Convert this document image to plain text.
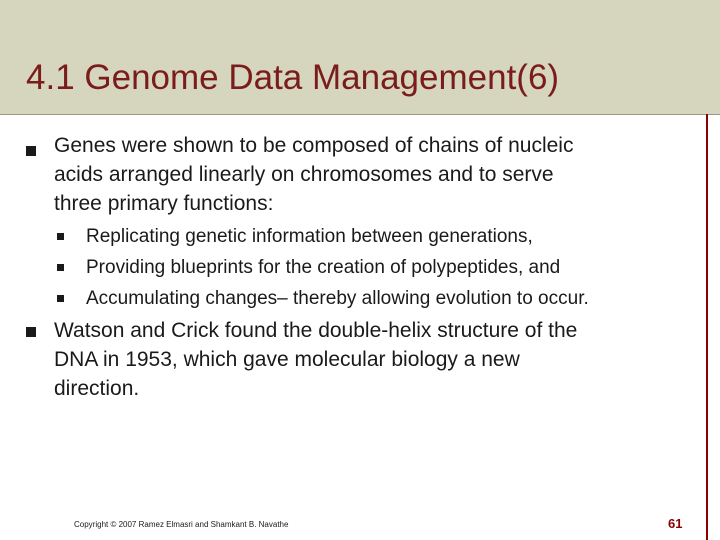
4.1 Genome Data Management(6)
Genes were shown to be composed of chains of nucleic
acids arranged linearly on chromosomes and to serve
three primary functions:
Replicating genetic information between generations,
Providing blueprints for the creation of polypeptides, and
Accumulating changes– thereby allowing evolution to occur.
Watson and Crick found the double-helix structure of the
DNA in 1953, which gave molecular biology a new
direction.
Copyright © 2007 Ramez Elmasri and Shamkant B. Navathe	61
